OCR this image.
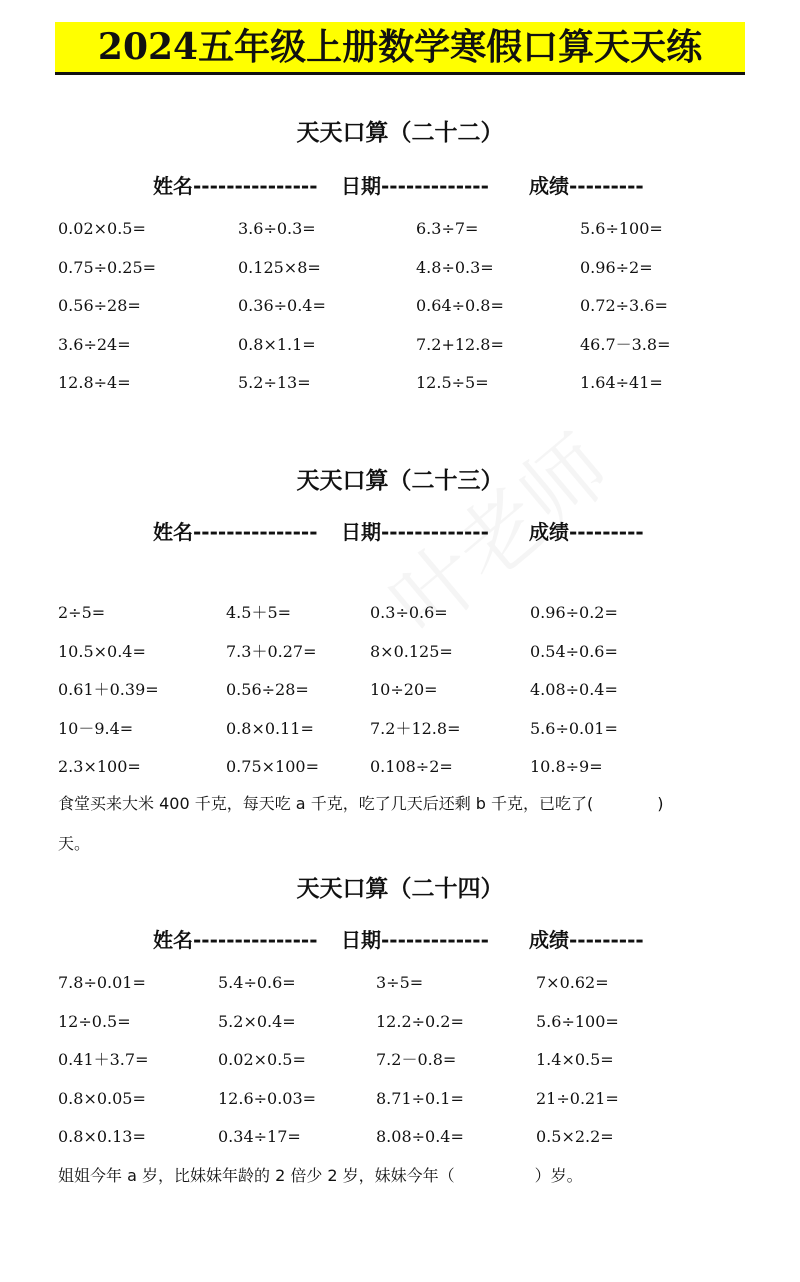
2024五年级上册数学寒假口算天天练
天天口算（二十二）
姓名--------------- 日期------------- 成绩---------
0.02×0.5=	3.6÷0.3=	6.3÷7=	5.6÷100=
0.75÷0.25=	0.125×8=	4.8÷0.3=	0.96÷2=
0.56÷28=	0.36÷0.4=	0.64÷0.8=	0.72÷3.6=
3.6÷24=	0.8×1.1=	7.2+12.8=	46.7－3.8=
12.8÷4=	5.2÷13=	12.5÷5=	1.64÷41=
天天口算（二十三）
姓名--------------- 日期------------- 成绩---------
2÷5=	4.5＋5=	0.3÷0.6=	0.96÷0.2=
10.5×0.4=	7.3＋0.27=	8×0.125=	0.54÷0.6=
0.61＋0.39=	0.56÷28=	10÷20=	4.08÷0.4=
10－9.4=	0.8×0.11=	7.2＋12.8=	5.6÷0.01=
2.3×100=	0.75×100=	0.108÷2=	10.8÷9=
食堂买来大米 400 千克，每天吃 a 千克，吃了几天后还剩 b 千克，已吃了(　　　　)
天。
天天口算（二十四）
姓名--------------- 日期------------- 成绩---------
7.8÷0.01=	5.4÷0.6=	3÷5=	7×0.62=
12÷0.5=	5.2×0.4=	12.2÷0.2=	5.6÷100=
0.41＋3.7=	0.02×0.5=	7.2－0.8=	1.4×0.5=
0.8×0.05=	12.6÷0.03=	8.71÷0.1=	21÷0.21=
0.8×0.13=	0.34÷17=	8.08÷0.4=	0.5×2.2=
姐姐今年 a 岁，比妹妹年龄的 2 倍少 2 岁，妹妹今年（　　　　　）岁。
